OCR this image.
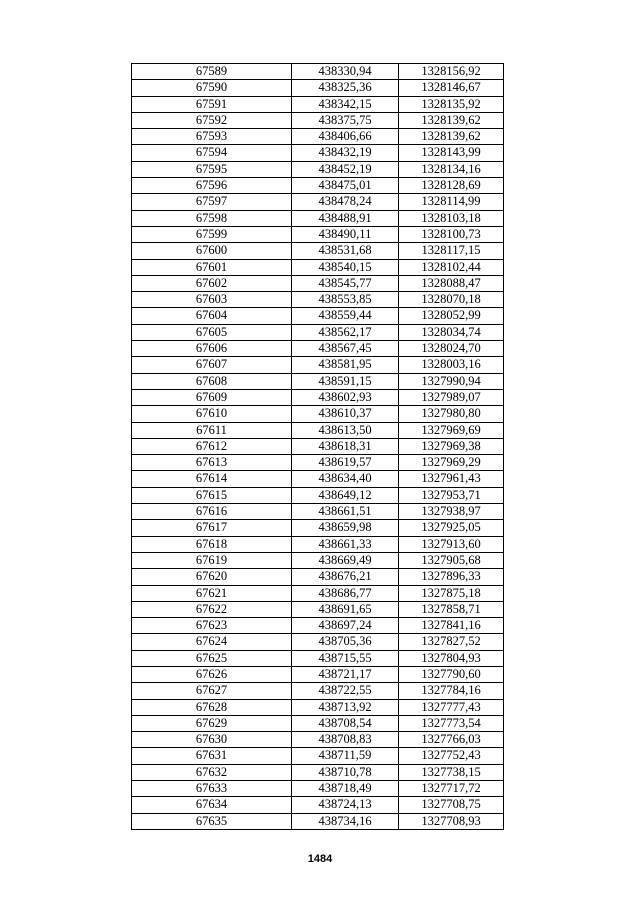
67589	438330,94	1328156,92
67590	438325,36	1328146,67
67591	438342,15	1328135,92
67592	438375,75	1328139,62
67593	438406,66	1328139,62
67594	438432,19	1328143,99
67595	438452,19	1328134,16
67596	438475,01	1328128,69
67597	438478,24	1328114,99
67598	438488,91	1328103,18
67599	438490,11	1328100,73
67600	438531,68	1328117,15
67601	438540,15	1328102,44
67602	438545,77	1328088,47
67603	438553,85	1328070,18
67604	438559,44	1328052,99
67605	438562,17	1328034,74
67606	438567,45	1328024,70
67607	438581,95	1328003,16
67608	438591,15	1327990,94
67609	438602,93	1327989,07
67610	438610,37	1327980,80
67611	438613,50	1327969,69
67612	438618,31	1327969,38
67613	438619,57	1327969,29
67614	438634,40	1327961,43
67615	438649,12	1327953,71
67616	438661,51	1327938,97
67617	438659,98	1327925,05
67618	438661,33	1327913,60
67619	438669,49	1327905,68
67620	438676,21	1327896,33
67621	438686,77	1327875,18
67622	438691,65	1327858,71
67623	438697,24	1327841,16
67624	438705,36	1327827,52
67625	438715,55	1327804,93
67626	438721,17	1327790,60
67627	438722,55	1327784,16
67628	438713,92	1327777,43
67629	438708,54	1327773,54
67630	438708,83	1327766,03
67631	438711,59	1327752,43
67632	438710,78	1327738,15
67633	438718,49	1327717,72
67634	438724,13	1327708,75
67635	438734,16	1327708,93
1484
